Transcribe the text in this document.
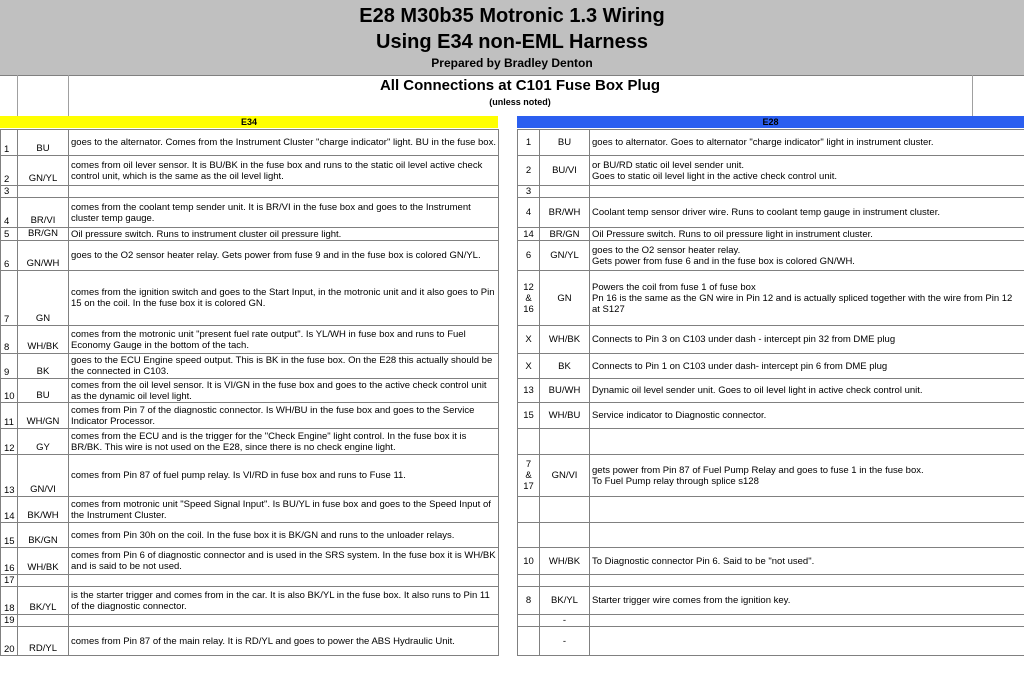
E28 M30b35 Motronic 1.3 Wiring
Using E34 non-EML Harness
Prepared by Bradley Denton
All Connections at C101 Fuse Box Plug
(unless noted)
E34	E28
1	BU	goes to the alternator. Comes from the Instrument Cluster "charge indicator" light. BU in the fuse box.		1	BU	goes to alternator. Goes to alternator "charge indicator" light in instrument cluster.
2	GN/YL	comes from oil lever sensor. It is BU/BK in the fuse box and runs to the static oil level active check control unit, which is the same as the oil level light.		2	BU/VI	or BU/RD static oil level sender unit.
Goes to static oil level light in the active check control unit.
3				3		
4	BR/VI	comes from the coolant temp sender unit. It is BR/VI in the fuse box and goes to the Instrument cluster temp gauge.		4	BR/WH	Coolant temp sensor driver wire. Runs to coolant temp gauge in instrument cluster.
5	BR/GN	Oil pressure switch. Runs to instrument cluster oil pressure light.		14	BR/GN	Oil Pressure switch. Runs to oil pressure light in instrument cluster.
6	GN/WH	goes to the O2 sensor heater relay. Gets power from fuse 9 and in the fuse box is colored GN/YL.		6	GN/YL	goes to the O2 sensor heater relay.
Gets power from fuse 6 and in the fuse box is colored GN/WH.
7	GN	comes from the ignition switch and goes to the Start Input, in the motronic unit and it also goes to Pin 15 on the coil. In the fuse box it is colored GN.		12
&
16	GN	Powers the coil from fuse 1 of fuse box
Pn 16 is the same as the GN wire in Pin 12 and is actually spliced together with the wire from Pin 12 at S127
8	WH/BK	comes from the motronic unit "present fuel rate output". Is YL/WH in fuse box and runs to Fuel Economy Gauge in the bottom of the tach.		X	WH/BK	Connects to Pin 3 on C103 under dash - intercept pin 32 from DME plug
9	BK	goes to the ECU Engine speed output. This is BK in the fuse box. On the E28 this actually should be the connected in C103.		X	BK	Connects to Pin 1 on C103 under dash- intercept pin 6 from DME plug
10	BU	comes from the oil level sensor. It is VI/GN in the fuse box and goes to the active check control unit as the dynamic oil level light.		13	BU/WH	Dynamic oil level sender unit. Goes to oil level light in active check control unit.
11	WH/GN	comes from Pin 7 of the diagnostic connector. Is WH/BU in the fuse box and goes to the Service Indicator Processor.		15	WH/BU	Service indicator to Diagnostic connector.
12	GY	comes from the ECU and is the trigger for the "Check Engine" light control. In the fuse box it is BR/BK. This wire is not used on the E28, since there is no check engine light.				
13	GN/VI	comes from Pin 87 of fuel pump relay. Is VI/RD in fuse box and runs to Fuse 11.		7
&
17	GN/VI	gets power from Pin 87 of Fuel Pump Relay and goes to fuse 1 in the fuse box.
To Fuel Pump relay through splice s128
14	BK/WH	comes from motronic unit "Speed Signal Input". Is BU/YL in fuse box and goes to the Speed Input of the Instrument Cluster.				
15	BK/GN	comes from Pin 30h on the coil. In the fuse box it is BK/GN and runs to the unloader relays.				
16	WH/BK	comes from Pin 6 of diagnostic connector and is used in the SRS system. In the fuse box it is WH/BK and is said to be not used.		10	WH/BK	To Diagnostic connector Pin 6. Said to be "not used".
17						
18	BK/YL	is the starter trigger and comes from in the car. It is also BK/YL in the fuse box. It also runs to Pin 11 of the diagnostic connector.		8	BK/YL	Starter trigger wire comes from the ignition key.
19					-	
20	RD/YL	comes from Pin 87 of the main relay. It is RD/YL and goes to power the ABS Hydraulic Unit.			-	
